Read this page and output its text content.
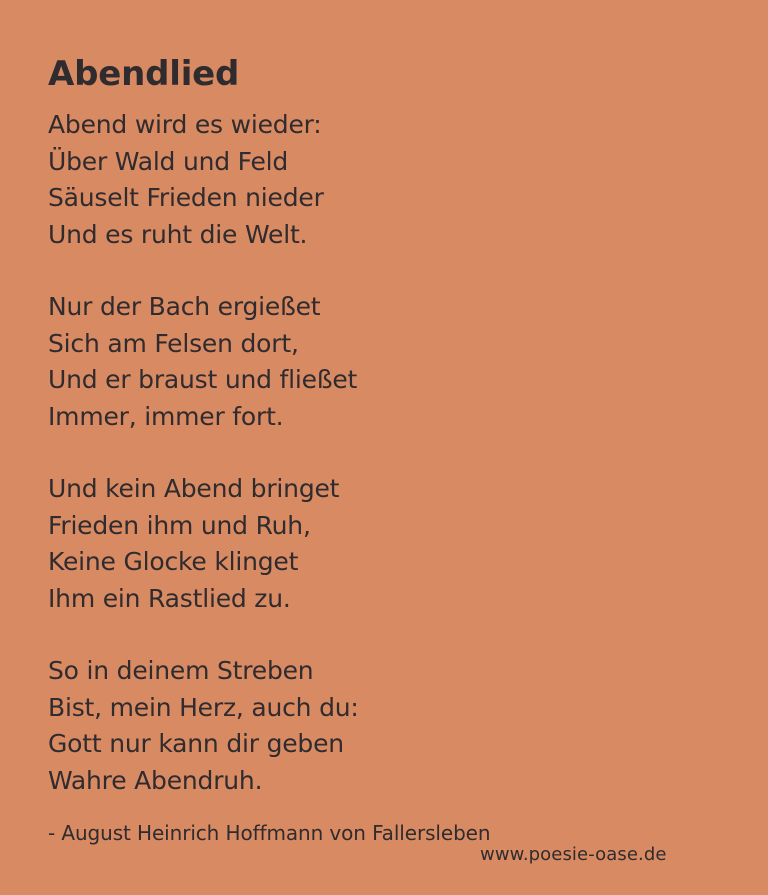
Abendlied
Abend wird es wieder:
Über Wald und Feld
Säuselt Frieden nieder
Und es ruht die Welt.
Nur der Bach ergießet
Sich am Felsen dort,
Und er braust und fließet
Immer, immer fort.
Und kein Abend bringet
Frieden ihm und Ruh,
Keine Glocke klinget
Ihm ein Rastlied zu.
So in deinem Streben
Bist, mein Herz, auch du:
Gott nur kann dir geben
Wahre Abendruh.
- August Heinrich Hoffmann von Fallersleben
www.poesie-oase.de
